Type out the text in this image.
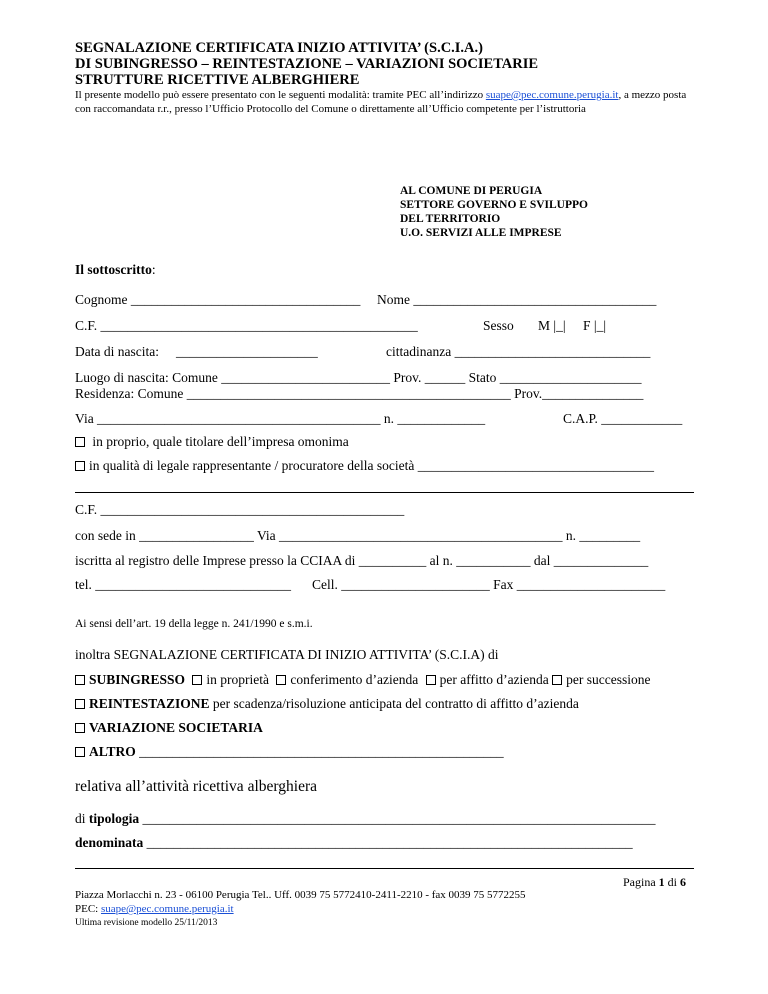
SEGNALAZIONE CERTIFICATA INIZIO ATTIVITA’ (S.C.I.A.)
DI SUBINGRESSO – REINTESTAZIONE – VARIAZIONI SOCIETARIE
STRUTTURE RICETTIVE ALBERGHIERE
Il presente modello può essere presentato con le seguenti modalità: tramite PEC all’indirizzo suape@pec.comune.perugia.it, a mezzo posta con raccomandata r.r., presso l’Ufficio Protocollo del Comune o direttamente all’Ufficio competente per l’istruttoria
AL COMUNE DI PERUGIA
SETTORE GOVERNO E SVILUPPO
DEL TERRITORIO
U.O. SERVIZI ALLE IMPRESE
Il sottoscritto:
Cognome __________________________________ Nome ____________________________________
C.F. _______________________________________________	Sesso M |_| F |_|
Data di nascita: _____________________	cittadinanza _____________________________
Luogo di nascita: Comune _________________________ Prov. ______ Stato _____________________
Residenza: Comune ________________________________________________ Prov._______________
Via __________________________________________ n. _____________	C.A.P. ____________
in proprio, quale titolare dell’impresa omonima
in qualità di legale rappresentante / procuratore della società ___________________________________
C.F. _____________________________________________
con sede in _________________ Via __________________________________________ n. _________
iscritta al registro delle Imprese presso la CCIAA di __________ al n. ___________ dal ______________
tel. _____________________________ Cell. ______________________ Fax ______________________
Ai sensi dell’art. 19 della legge n. 241/1990 e s.m.i.
inoltra SEGNALAZIONE CERTIFICATA DI INIZIO ATTIVITA’ (S.C.I.A) di
SUBINGRESSO in proprietà conferimento d’azienda per affitto d’azienda per successione
REINTESTAZIONE per scadenza/risoluzione anticipata del contratto di affitto d’azienda
VARIAZIONE SOCIETARIA
ALTRO ______________________________________________________
relativa all’attività ricettiva alberghiera
di tipologia ____________________________________________________________________________
denominata ________________________________________________________________________
Pagina 1 di 6
Piazza Morlacchi n. 23 - 06100 Perugia Tel.. Uff. 0039 75 5772410-2411-2210 - fax 0039 75 5772255
PEC: suape@pec.comune.perugia.it
Ultima revisione modello 25/11/2013
